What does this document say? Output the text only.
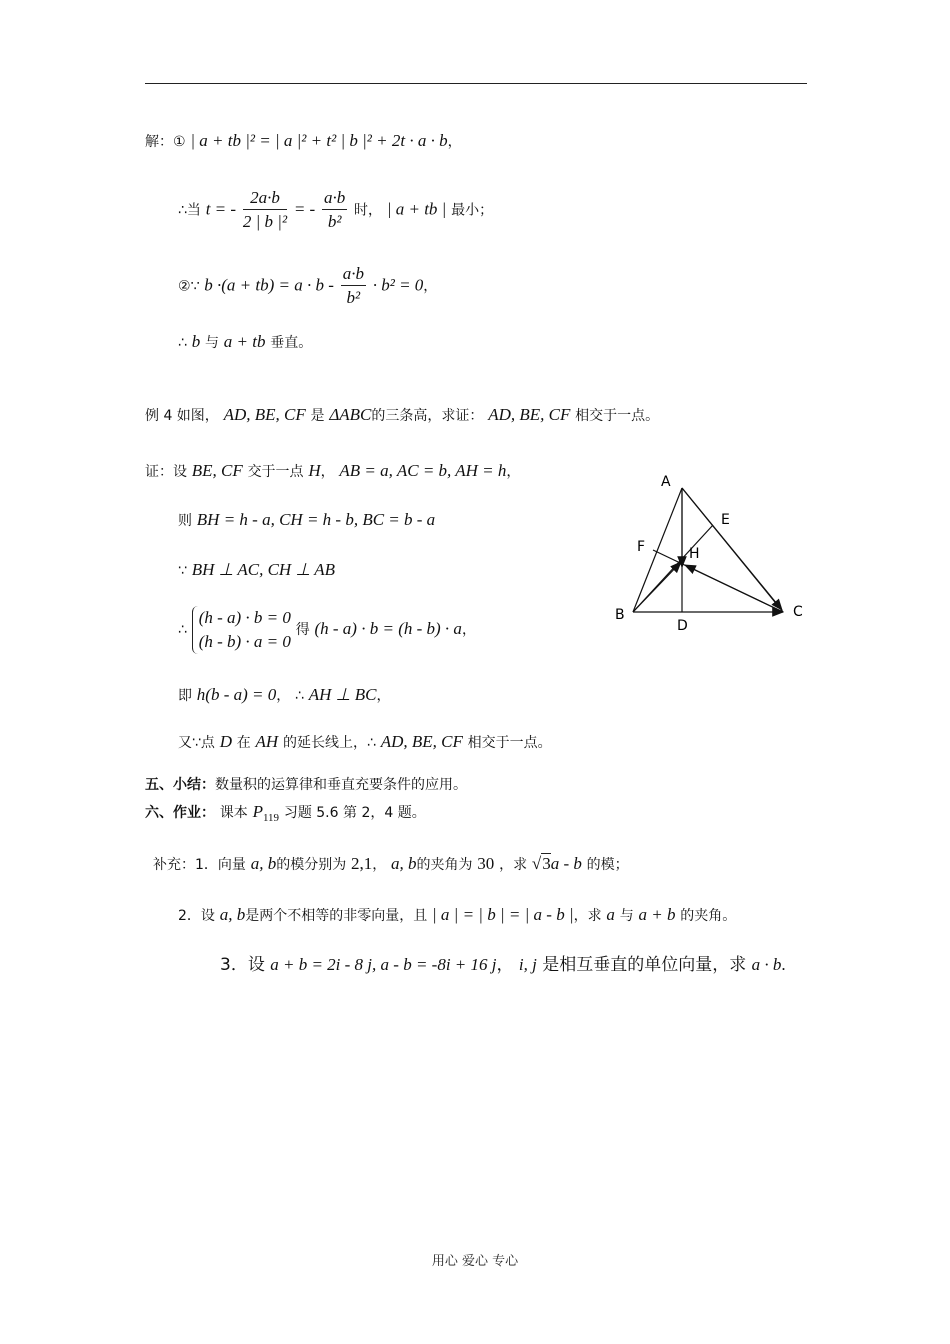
解：① | a + tb |² = | a |² + t² | b |² + 2t · a · b，
∴当 t = - $\frac{2a\cdot b}{\text{2 | b |²}}$ = - $\frac{a\cdot b}{\text{b²}}$ 时， | a + tb | 最小；
②∵ $b \cdot(a + tb) = a \cdot b - \frac{a\cdot b}{\text{b²}} \cdot b^2 = 0$，
∴ b 与 a + tb 垂直。
例 4 如图， AD, BE, CF 是 ΔABC的三条高，求证： AD, BE, CF 相交于一点。
证：设 BE, CF 交于一点 H， AB = a, AC = b, AH = h，
则 BH = h - a, CH = h - b, BC = b - a
∵ BH ⊥ AC, CH ⊥ AB
∴
(h - a) · b = 0
(h - b) · a = 0
得 (h - a) · b = (h - b) · a，
即 h(b - a) = 0， ∴ AH ⊥ BC，
又∵点 D 在 AH 的延长线上，∴ AD, BE, CF 相交于一点。
五、小结：数量积的运算律和垂直充要条件的应用。
六、作业： 课本 $P_{119}$ 习题 5.6 第 2，4 题。
补充：1．向量 a, b的模分别为 2,1， a, b的夹角为 30 ，求 √3a - b 的模；
2．设 a, b是两个不相等的非零向量，且 | a | = | b | = | a - b |，求 a 与 a + b 的夹角。
3．设 a + b = 2i - 8 j, a - b = -8i + 16 j， i, j 是相互垂直的单位向量，求 a · b.
A
B	C
D
E
F	H
用心 爱心 专心
